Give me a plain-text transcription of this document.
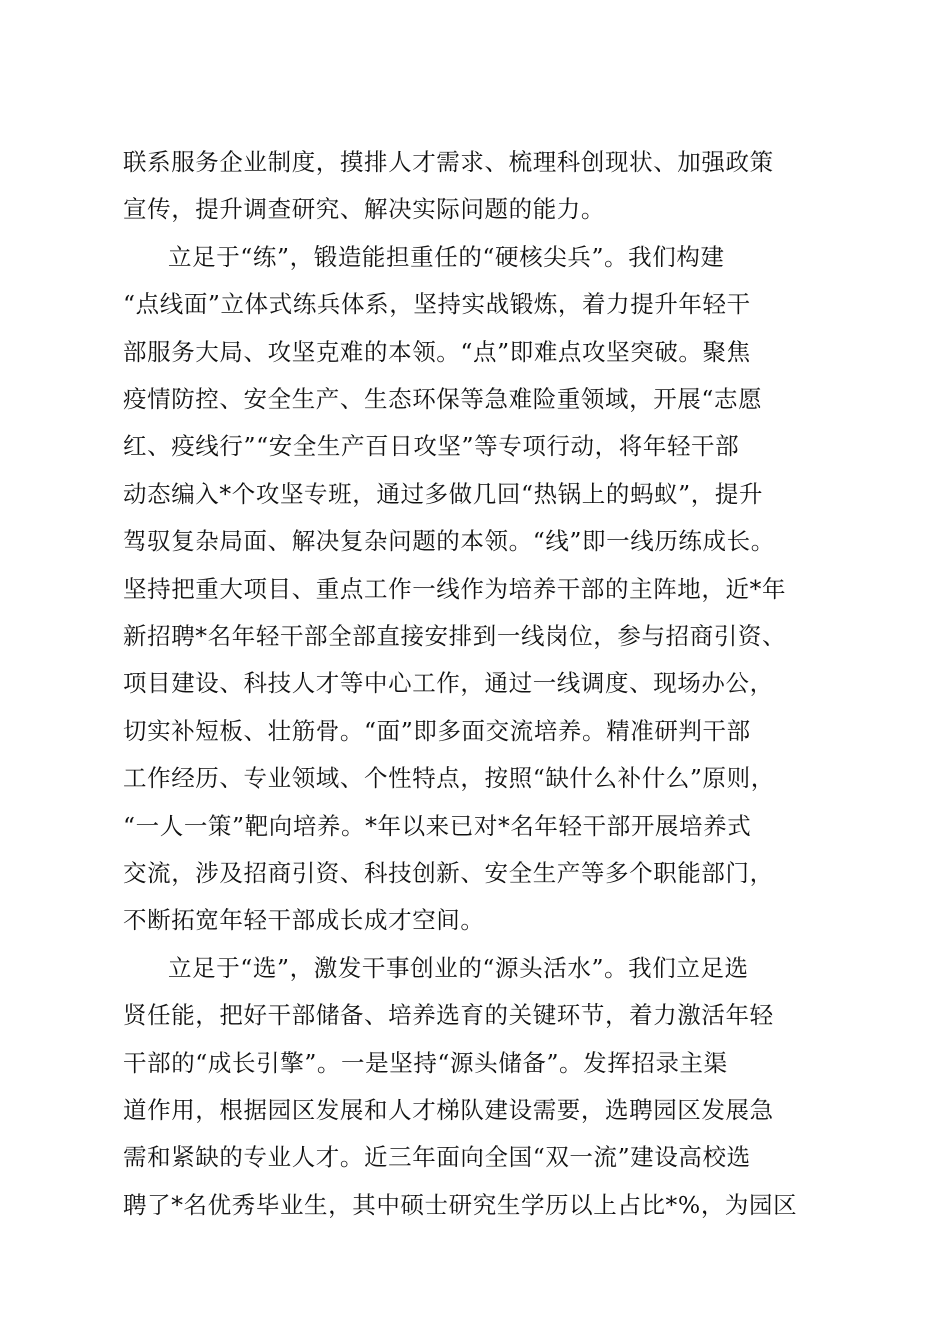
联系服务企业制度，摸排人才需求、梳理科创现状、加强政策
宣传，提升调查研究、解决实际问题的能力。
立足于“练”，锻造能担重任的“硬核尖兵”。我们构建
“点线面”立体式练兵体系，坚持实战锻炼，着力提升年轻干
部服务大局、攻坚克难的本领。“点”即难点攻坚突破。聚焦
疫情防控、安全生产、生态环保等急难险重领域，开展“志愿
红、疫线行”“安全生产百日攻坚”等专项行动，将年轻干部
动态编入*个攻坚专班，通过多做几回“热锅上的蚂蚁”，提升
驾驭复杂局面、解决复杂问题的本领。“线”即一线历练成长。
坚持把重大项目、重点工作一线作为培养干部的主阵地，近*年
新招聘*名年轻干部全部直接安排到一线岗位，参与招商引资、
项目建设、科技人才等中心工作，通过一线调度、现场办公，
切实补短板、壮筋骨。“面”即多面交流培养。精准研判干部
工作经历、专业领域、个性特点，按照“缺什么补什么”原则，
“一人一策”靶向培养。*年以来已对*名年轻干部开展培养式
交流，涉及招商引资、科技创新、安全生产等多个职能部门，
不断拓宽年轻干部成长成才空间。
立足于“选”，激发干事创业的“源头活水”。我们立足选
贤任能，把好干部储备、培养选育的关键环节，着力激活年轻
干部的“成长引擎”。一是坚持“源头储备”。发挥招录主渠
道作用，根据园区发展和人才梯队建设需要，选聘园区发展急
需和紧缺的专业人才。近三年面向全国“双一流”建设高校选
聘了*名优秀毕业生，其中硕士研究生学历以上占比*%，为园区
